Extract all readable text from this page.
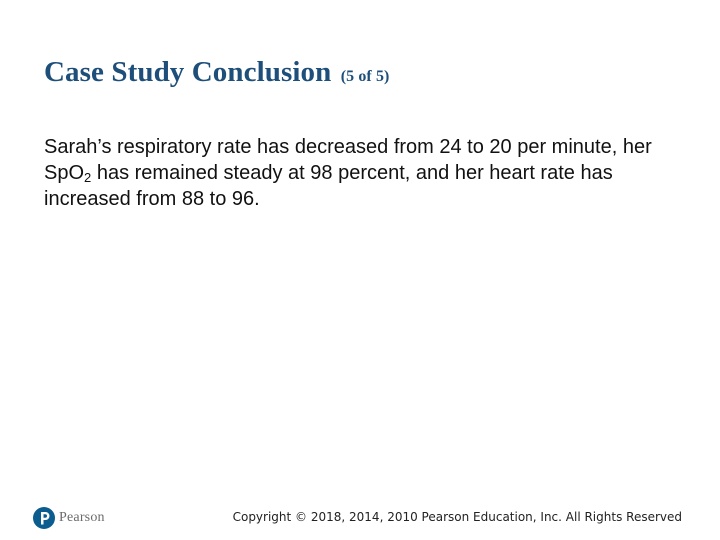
Case Study Conclusion (5 of 5)

Sarah’s respiratory rate has decreased from 24 to 20 per minute, her SpO$_2$ has remained steady at 98 percent, and her heart rate has increased from 88 to 96.

Pearson	Copyright © 2018, 2014, 2010 Pearson Education, Inc. All Rights Reserved
